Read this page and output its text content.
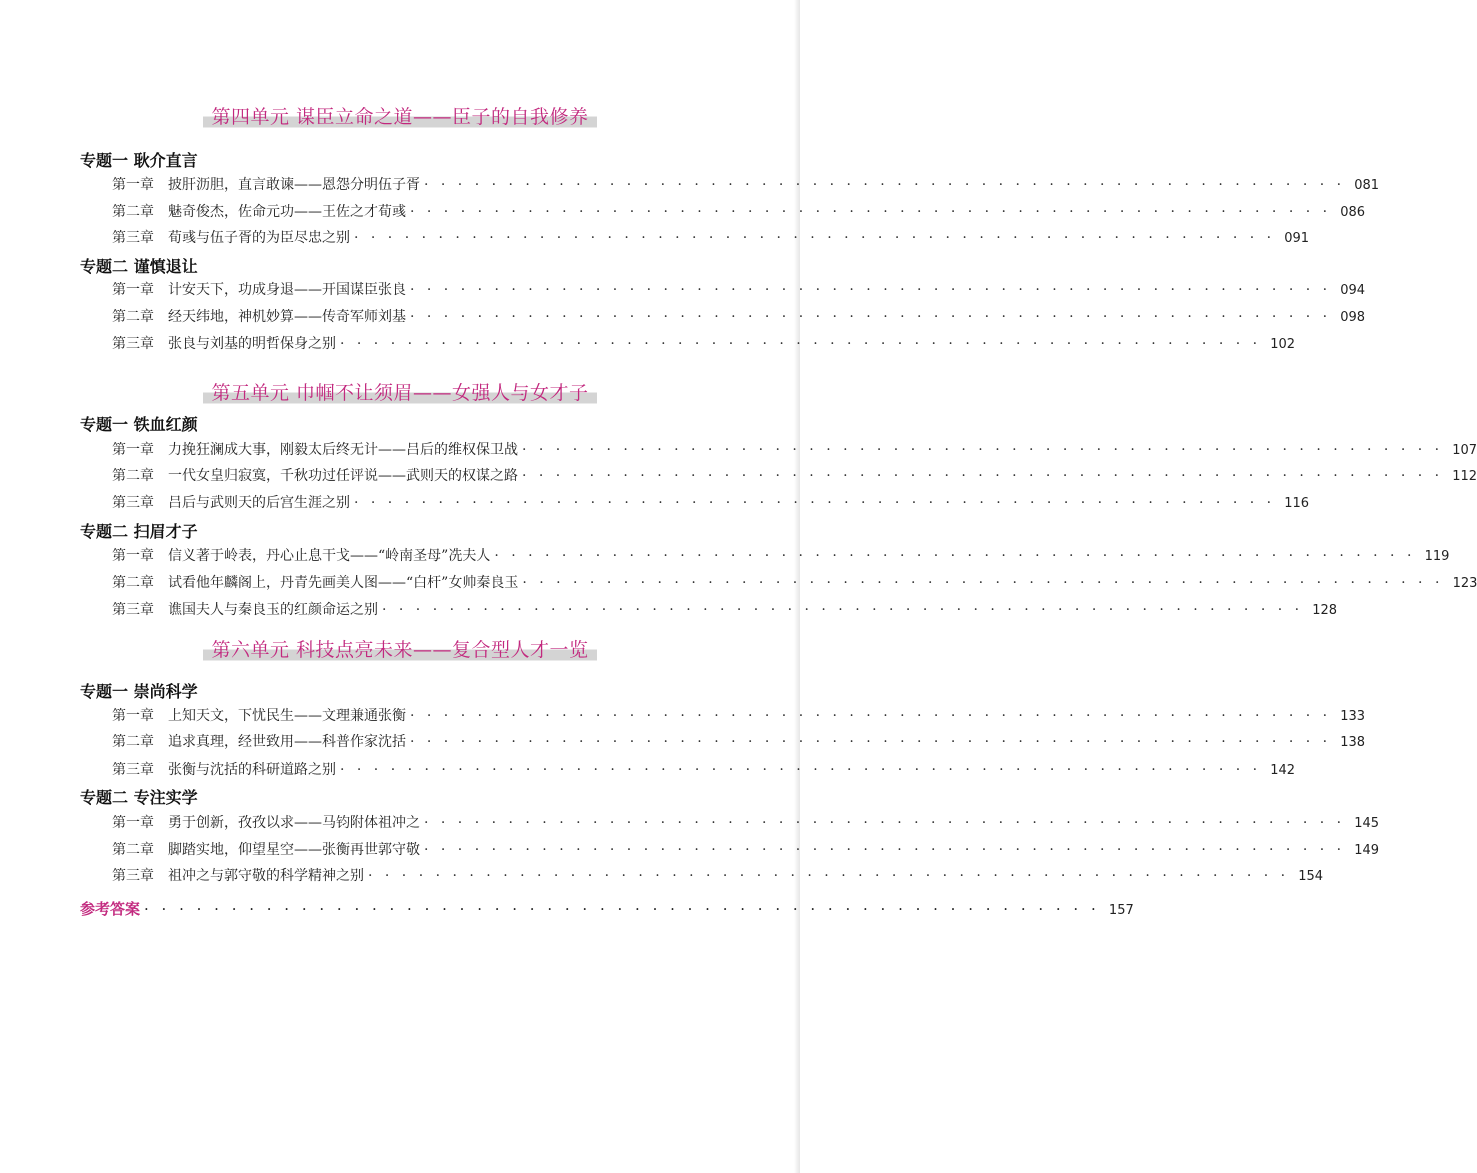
第四单元 谋臣立命之道——臣子的自我修养
专题一 耿介直言
第一章	披肝沥胆，直言敢谏——恩怨分明伍子胥 · · · · · · · · · · · · · · · · · · · · · · · · · · · · · · · · · · · · · · · · · · · · · · · · · · · · · · · 081
第二章	魅奇俊杰，佐命元功——王佐之才荀彧 · · · · · · · · · · · · · · · · · · · · · · · · · · · · · · · · · · · · · · · · · · · · · · · · · · · · · · · 086
第三章	荀彧与伍子胥的为臣尽忠之别 · · · · · · · · · · · · · · · · · · · · · · · · · · · · · · · · · · · · · · · · · · · · · · · · · · · · · · · 091
专题二 谨慎退让
第一章	计安天下，功成身退——开国谋臣张良 · · · · · · · · · · · · · · · · · · · · · · · · · · · · · · · · · · · · · · · · · · · · · · · · · · · · · · · 094
第二章	经天纬地，神机妙算——传奇军师刘基 · · · · · · · · · · · · · · · · · · · · · · · · · · · · · · · · · · · · · · · · · · · · · · · · · · · · · · · 098
第三章	张良与刘基的明哲保身之别 · · · · · · · · · · · · · · · · · · · · · · · · · · · · · · · · · · · · · · · · · · · · · · · · · · · · · · · 102
第五单元 巾帼不让须眉——女强人与女才子
专题一 铁血红颜
第一章	力挽狂澜成大事，刚毅太后终无计——吕后的维权保卫战 · · · · · · · · · · · · · · · · · · · · · · · · · · · · · · · · · · · · · · · · · · · · · · · · · · · · · · · 107
第二章	一代女皇归寂寞，千秋功过任评说——武则天的权谋之路 · · · · · · · · · · · · · · · · · · · · · · · · · · · · · · · · · · · · · · · · · · · · · · · · · · · · · · · 112
第三章	吕后与武则天的后宫生涯之别 · · · · · · · · · · · · · · · · · · · · · · · · · · · · · · · · · · · · · · · · · · · · · · · · · · · · · · · 116
专题二 扫眉才子
第一章	信义著于岭表，丹心止息干戈——“岭南圣母”冼夫人 · · · · · · · · · · · · · · · · · · · · · · · · · · · · · · · · · · · · · · · · · · · · · · · · · · · · · · · 119
第二章	试看他年麟阁上，丹青先画美人图——“白杆”女帅秦良玉 · · · · · · · · · · · · · · · · · · · · · · · · · · · · · · · · · · · · · · · · · · · · · · · · · · · · · · · 123
第三章	谯国夫人与秦良玉的红颜命运之别 · · · · · · · · · · · · · · · · · · · · · · · · · · · · · · · · · · · · · · · · · · · · · · · · · · · · · · · 128
第六单元 科技点亮未来——复合型人才一览
专题一 崇尚科学
第一章	上知天文，下忧民生——文理兼通张衡 · · · · · · · · · · · · · · · · · · · · · · · · · · · · · · · · · · · · · · · · · · · · · · · · · · · · · · · 133
第二章	追求真理，经世致用——科普作家沈括 · · · · · · · · · · · · · · · · · · · · · · · · · · · · · · · · · · · · · · · · · · · · · · · · · · · · · · · 138
第三章	张衡与沈括的科研道路之别 · · · · · · · · · · · · · · · · · · · · · · · · · · · · · · · · · · · · · · · · · · · · · · · · · · · · · · · 142
专题二 专注实学
第一章	勇于创新，孜孜以求——马钧附体祖冲之 · · · · · · · · · · · · · · · · · · · · · · · · · · · · · · · · · · · · · · · · · · · · · · · · · · · · · · · 145
第二章	脚踏实地，仰望星空——张衡再世郭守敬 · · · · · · · · · · · · · · · · · · · · · · · · · · · · · · · · · · · · · · · · · · · · · · · · · · · · · · · 149
第三章	祖冲之与郭守敬的科学精神之别 · · · · · · · · · · · · · · · · · · · · · · · · · · · · · · · · · · · · · · · · · · · · · · · · · · · · · · · 154
参考答案 · · · · · · · · · · · · · · · · · · · · · · · · · · · · · · · · · · · · · · · · · · · · · · · · · · · · · · · 157
